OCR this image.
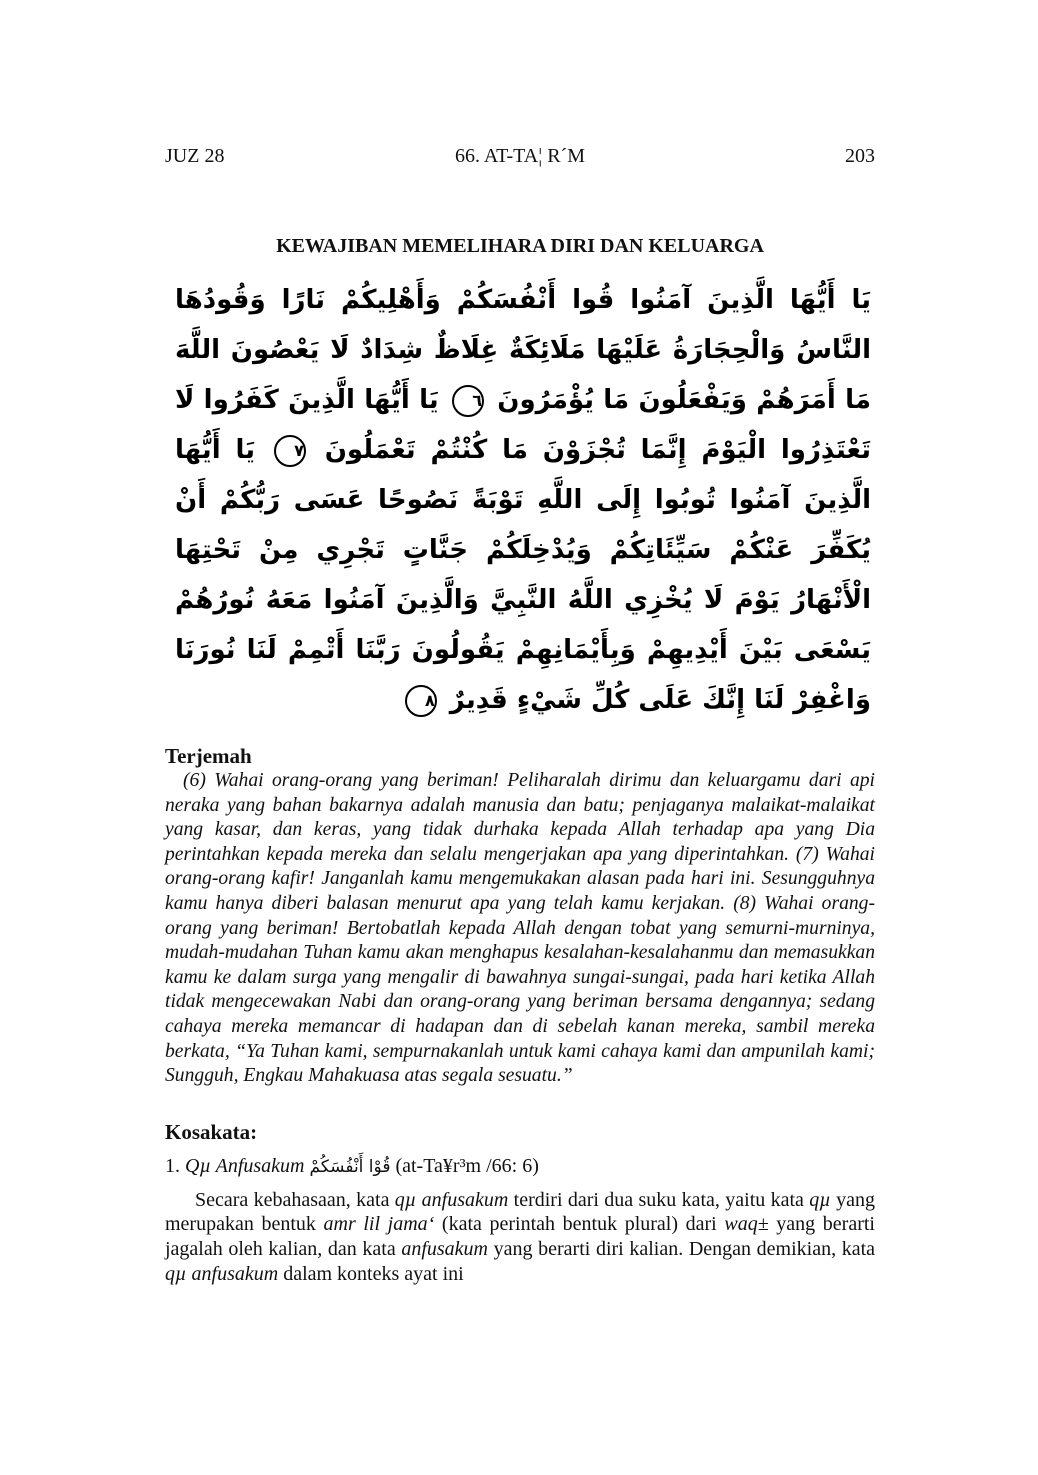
JUZ 28	66. AT-TA¦ R´M	203
KEWAJIBAN MEMELIHARA DIRI DAN KELUARGA
يَا أَيُّهَا الَّذِينَ آمَنُوا قُوا أَنْفُسَكُمْ وَأَهْلِيكُمْ نَارًا وَقُودُهَا النَّاسُ وَالْحِجَارَةُ عَلَيْهَا مَلَائِكَةٌ غِلَاظٌ شِدَادٌ لَا يَعْصُونَ اللَّهَ مَا أَمَرَهُمْ وَيَفْعَلُونَ مَا يُؤْمَرُونَ ٦ يَا أَيُّهَا الَّذِينَ كَفَرُوا لَا تَعْتَذِرُوا الْيَوْمَ إِنَّمَا تُجْزَوْنَ مَا كُنْتُمْ تَعْمَلُونَ ٧ يَا أَيُّهَا الَّذِينَ آمَنُوا تُوبُوا إِلَى اللَّهِ تَوْبَةً نَصُوحًا عَسَى رَبُّكُمْ أَنْ يُكَفِّرَ عَنْكُمْ سَيِّئَاتِكُمْ وَيُدْخِلَكُمْ جَنَّاتٍ تَجْرِي مِنْ تَحْتِهَا الْأَنْهَارُ يَوْمَ لَا يُخْزِي اللَّهُ النَّبِيَّ وَالَّذِينَ آمَنُوا مَعَهُ نُورُهُمْ يَسْعَى بَيْنَ أَيْدِيهِمْ وَبِأَيْمَانِهِمْ يَقُولُونَ رَبَّنَا أَتْمِمْ لَنَا نُورَنَا وَاغْفِرْ لَنَا إِنَّكَ عَلَى كُلِّ شَيْءٍ قَدِيرٌ ٨
Terjemah

(6) Wahai orang-orang yang beriman! Peliharalah dirimu dan keluargamu dari api neraka yang bahan bakarnya adalah manusia dan batu; penjaganya malaikat-malaikat yang kasar, dan keras, yang tidak durhaka kepada Allah terhadap apa yang Dia perintahkan kepada mereka dan selalu mengerjakan apa yang diperintahkan. (7) Wahai orang-orang kafir! Janganlah kamu mengemukakan alasan pada hari ini. Sesungguhnya kamu hanya diberi balasan menurut apa yang telah kamu kerjakan. (8) Wahai orang-orang yang beriman! Bertobatlah kepada Allah dengan tobat yang semurni-murninya, mudah-mudahan Tuhan kamu akan menghapus kesalahan-kesalahanmu dan memasukkan kamu ke dalam surga yang mengalir di bawahnya sungai-sungai, pada hari ketika Allah tidak mengecewakan Nabi dan orang-orang yang beriman bersama dengannya; sedang cahaya mereka memancar di hadapan dan di sebelah kanan mereka, sambil mereka berkata, “Ya Tuhan kami, sempurnakanlah untuk kami cahaya kami dan ampunilah kami; Sungguh, Engkau Mahakuasa atas segala sesuatu.”

Kosakata:
1. Qµ Anfusakum قُوْا أَنْفُسَكُمْ (at-Ta¥r³m /66: 6)

Secara kebahasaan, kata qµ anfusakum terdiri dari dua suku kata, yaitu kata qµ yang merupakan bentuk amr lil jama‘ (kata perintah bentuk plural) dari waq± yang berarti jagalah oleh kalian, dan kata anfusakum yang berarti diri kalian. Dengan demikian, kata qµ anfusakum dalam konteks ayat ini
